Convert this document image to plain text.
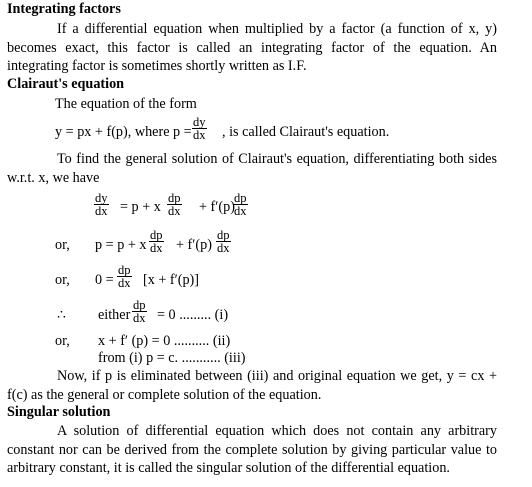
Integrating factors
If a differential equation when multiplied by a factor (a function of x, y) becomes exact, this factor is called an integrating factor of the equation. An integrating factor is sometimes shortly written as I.F.
Clairaut's equation
The equation of the form
y = px + f(p), where p =
dy
dx , is called Clairaut's equation.
To find the general solution of Clairaut's equation, differentiating both sides w.r.t. x, we have
dy
dx = p + x
dp
dx + f′(p)
dp
dx
or, p = p + x
dp
dx + f′(p)
dp
dx
or, 0 =
dp
dx [x + f′(p)]
∴ either
dp
dx = 0 ......... (i)
or, x + f′ (p) = 0 .......... (ii)
from (i) p = c. ........... (iii)
Now, if p is eliminated between (iii) and original equation we get, y = cx + f(c) as the general or complete solution of the equation.
Singular solution
A solution of differential equation which does not contain any arbitrary constant nor can be derived from the complete solution by giving particular value to arbitrary constant, it is called the singular solution of the differential equation.
